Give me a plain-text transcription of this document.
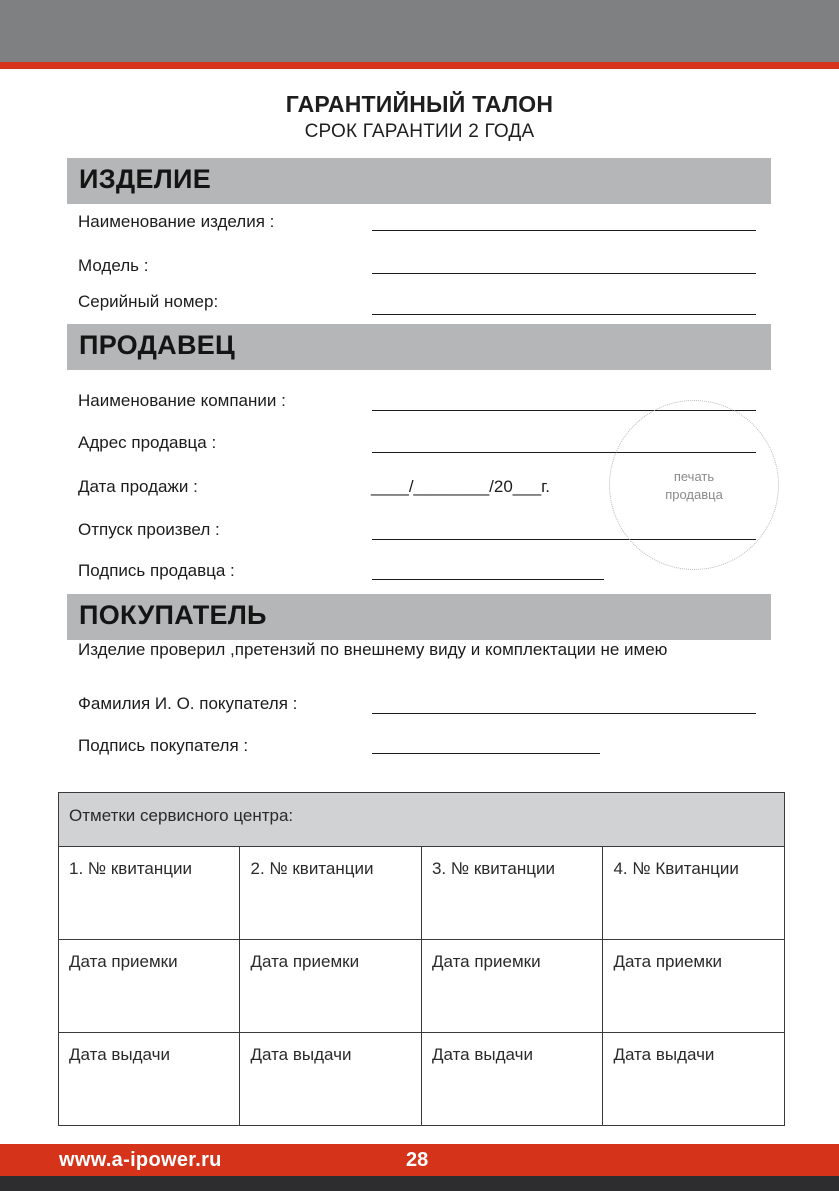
ГАРАНТИЙНЫЙ ТАЛОН
СРОК ГАРАНТИИ 2 ГОДА
ИЗДЕЛИЕ
Наименование изделия :
Модель :
Серийный номер:
ПРОДАВЕЦ
Наименование компании :
Адрес продавца :
Дата продажи :	____/________/20___г.
Отпуск произвел :
Подпись продавца :
печать
продавца
ПОКУПАТЕЛЬ
Изделие проверил ,претензий по внешнему виду и комплектации не имею
Фамилия И. О. покупателя :
Подпись покупателя :
Отметки сервисного центра:			
1. № квитанции	2. № квитанции	3. № квитанции	4. № Квитанции
Дата приемки	Дата приемки	Дата приемки	Дата приемки
Дата выдачи	Дата выдачи	Дата выдачи	Дата выдачи
www.a-ipower.ru	28
